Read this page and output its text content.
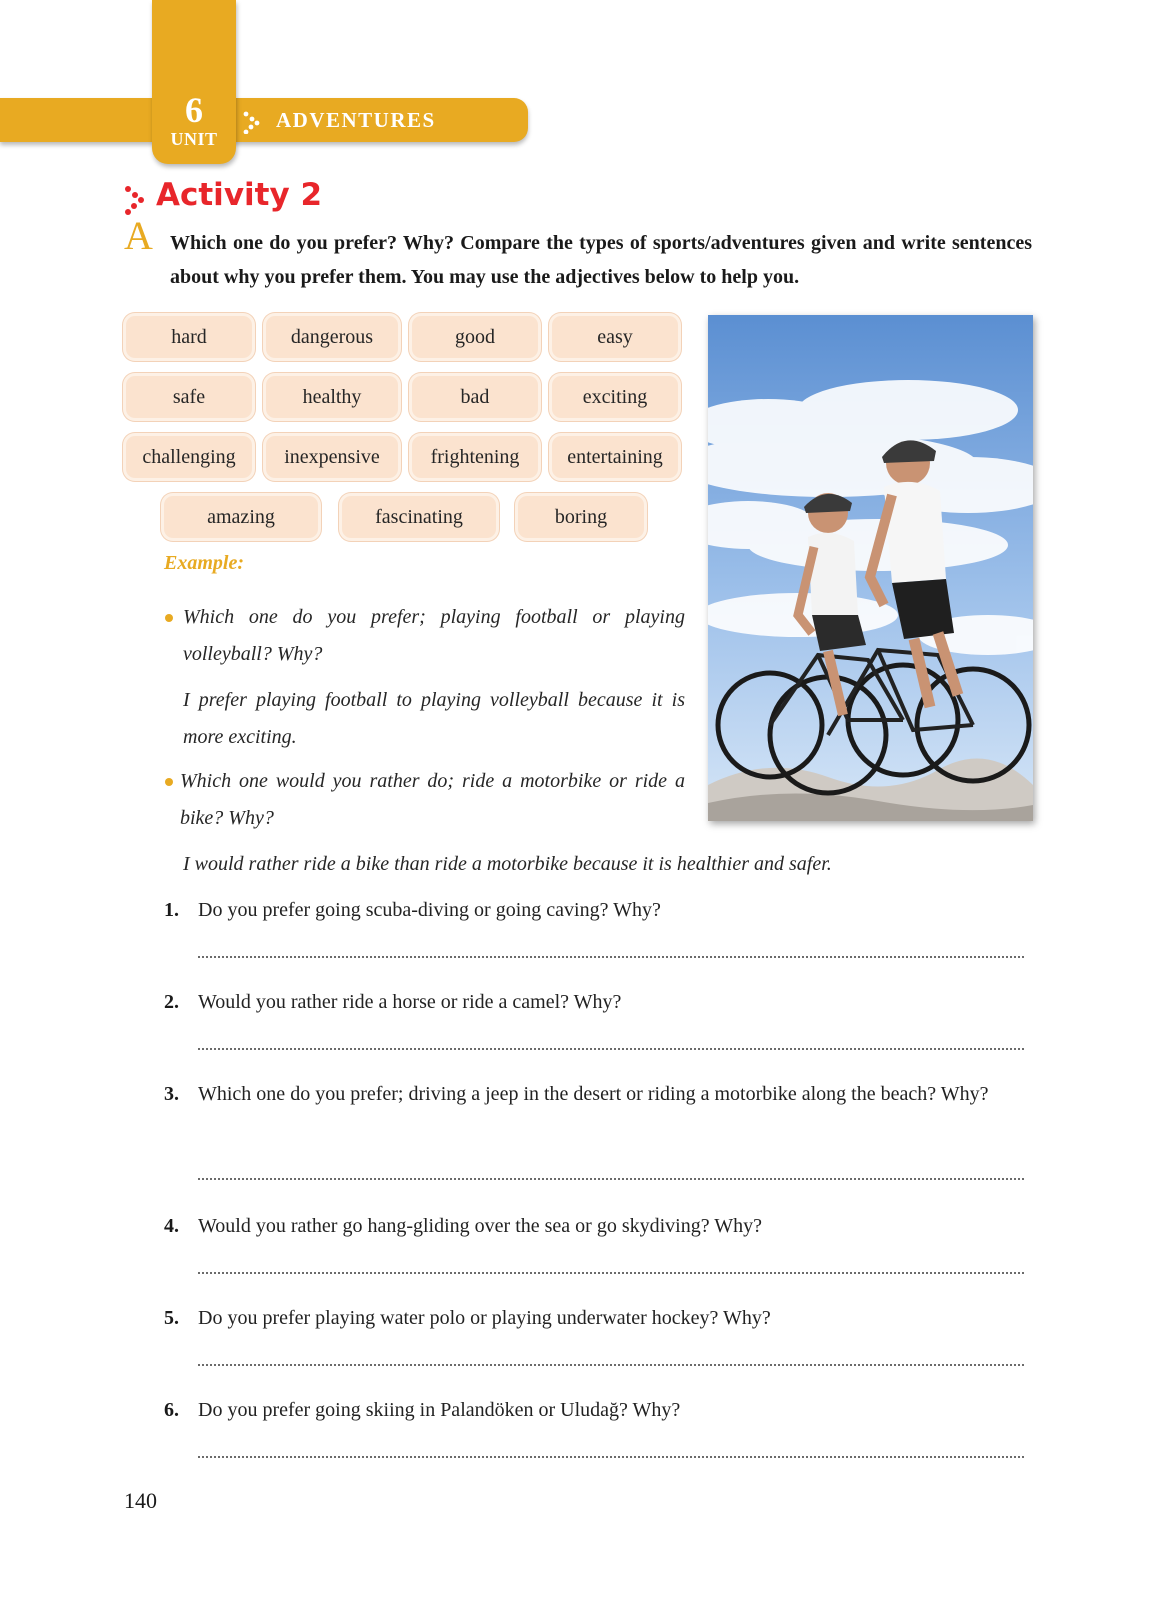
6
UNIT
ADVENTURES
Activity 2
A Which one do you prefer? Why? Compare the types of sports/adventures given and write sentences about why you prefer them. You may use the adjectives below to help you.
hard	dangerous	good	easy
safe	healthy	bad	exciting
challenging	inexpensive	frightening	entertaining
amazing	fascinating	boring
Example:
Which one do you prefer; playing football or playing volleyball? Why?
I prefer playing football to playing volleyball because it is more exciting.
Which one would you rather do; ride a motorbike or ride a bike? Why?
I would rather ride a bike than ride a motorbike because it is healthier and safer.
1. Do you prefer going scuba-diving or going caving? Why?
2. Would you rather ride a horse or ride a camel? Why?
3. Which one do you prefer; driving a jeep in the desert or riding a motorbike along the beach? Why?
4. Would you rather go hang-gliding over the sea or go skydiving? Why?
5. Do you prefer playing water polo or playing underwater hockey? Why?
6. Do you prefer going skiing in Palandöken or Uludağ? Why?
140
